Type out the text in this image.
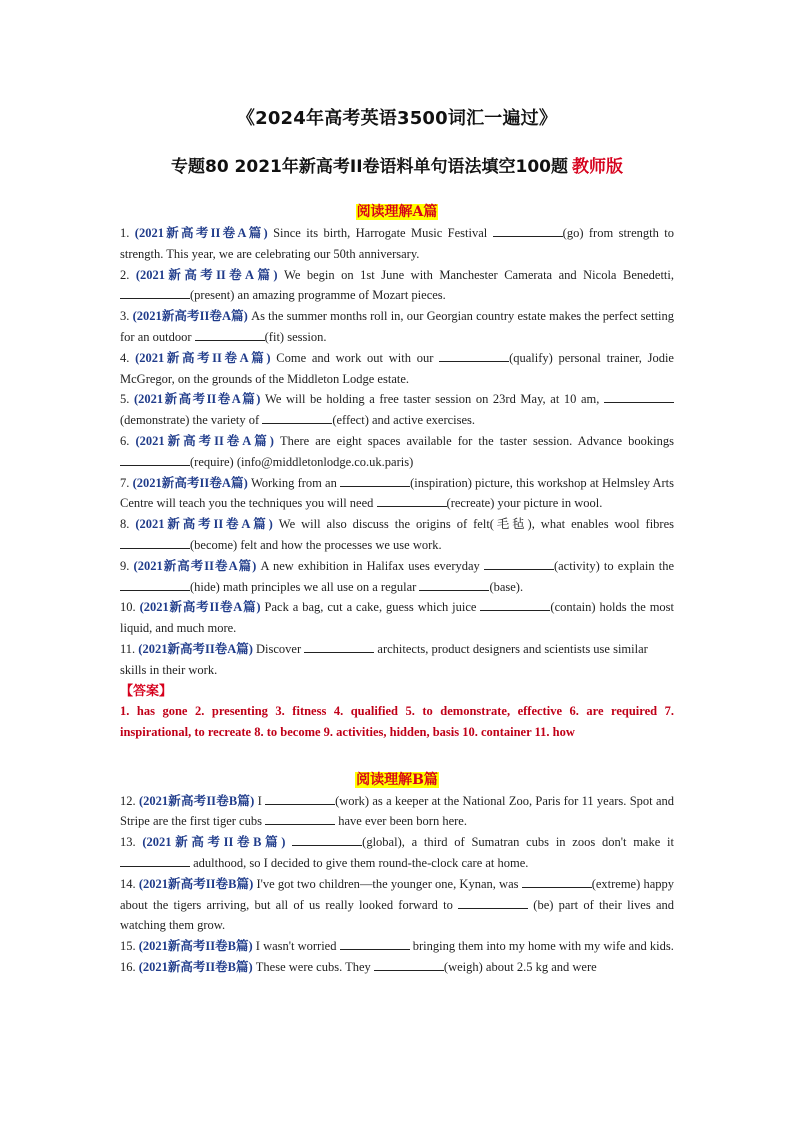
《2024年高考英语3500词汇一遍过》
专题80 2021年新高考II卷语料单句语法填空100题 教师版
阅读理解A篇

1. (2021新高考II卷A篇) Since its birth, Harrogate Music Festival	(go) from strength to strength. This year, we are celebrating our 50th anniversary.

2. (2021新高考II卷A篇) We begin on 1st June with Manchester Camerata and Nicola Benedetti, (present) an amazing programme of Mozart pieces.

3. (2021新高考II卷A篇) As the summer months roll in, our Georgian country estate makes the perfect setting for an outdoor	(fit) session.

4. (2021新高考II卷A篇) Come and work out with our	(qualify) personal trainer, Jodie McGregor, on the grounds of the Middleton Lodge estate.

5. (2021新高考II卷A篇) We will be holding a free taster session on 23rd May, at 10 am, (demonstrate) the variety of	(effect) and active exercises.

6. (2021新高考II卷A篇) There are eight spaces available for the taster session. Advance bookings (require) (info@middletonlodge.co.uk.paris)

7. (2021新高考II卷A篇) Working from an	(inspiration) picture, this workshop at Helmsley Arts Centre will teach you the techniques you will need	(recreate) your picture in wool.

8. (2021新高考II卷A篇) We will also discuss the origins of felt(毛毡), what enables wool fibres (become) felt and how the processes we use work.

9. (2021新高考II卷A篇) A new exhibition in Halifax uses everyday	(activity) to explain the (hide) math principles we all use on a regular	(base).

10. (2021新高考II卷A篇) Pack a bag, cut a cake, guess which juice	(contain) holds the most liquid, and much more.

11. (2021新高考II卷A篇) Discover	architects, product designers and scientists use similar skills in their work.

【答案】
1. has gone 2. presenting 3. fitness 4. qualified 5. to demonstrate, effective 6. are required 7. inspirational, to recreate 8. to become 9. activities, hidden, basis 10. container 11. how
阅读理解B篇

12. (2021新高考II卷B篇) I	(work) as a keeper at the National Zoo, Paris for 11 years. Spot and Stripe are the first tiger cubs	have ever been born here.

13. (2021新高考II卷B篇)	(global), a third of Sumatran cubs in zoos don't make it  adulthood, so I decided to give them round-the-clock care at home.

14. (2021新高考II卷B篇) I've got two children—the younger one, Kynan, was	(extreme) happy about the tigers arriving, but all of us really looked forward to	(be) part of their lives and watching them grow.

15. (2021新高考II卷B篇) I wasn't worried	bringing them into my home with my wife and kids.

16. (2021新高考II卷B篇) These were cubs. They	(weigh) about 2.5 kg and were
